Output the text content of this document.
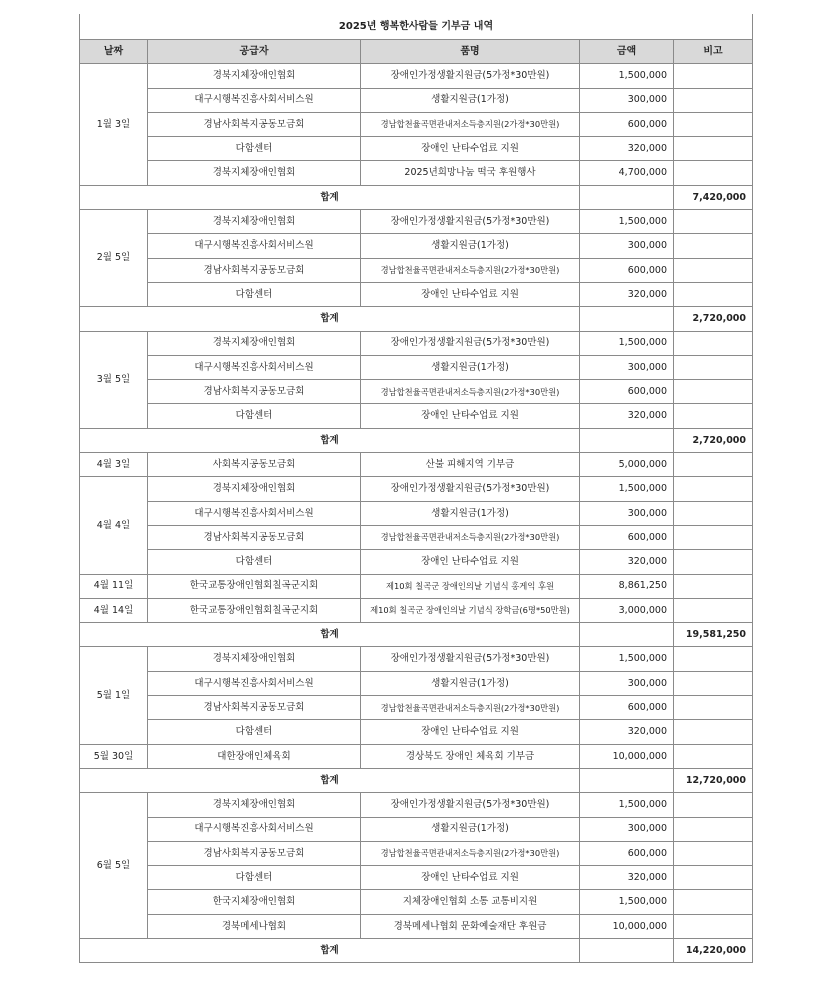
2025년 행복한사람들 기부금 내역				
날짜	공급자	품명	금액	비고
1월 3일	경북지체장애인협회	장애인가정생활지원금(5가정*30만원)	1,500,000	
	대구시행복진흥사회서비스원	생활지원금(1가정)	300,000	
	경남사회복지공동모금회	경남합천율곡면관내저소득층지원(2가정*30만원)	600,000	
	다함센터	장애인 난타수업료 지원	320,000	
	경북지체장애인협회	2025년희망나눔 떡국 후원행사	4,700,000	
합계				7,420,000
2월 5일	경북지체장애인협회	장애인가정생활지원금(5가정*30만원)	1,500,000	
	대구시행복진흥사회서비스원	생활지원금(1가정)	300,000	
	경남사회복지공동모금회	경남합천율곡면관내저소득층지원(2가정*30만원)	600,000	
	다함센터	장애인 난타수업료 지원	320,000	
합계				2,720,000
3월 5일	경북지체장애인협회	장애인가정생활지원금(5가정*30만원)	1,500,000	
	대구시행복진흥사회서비스원	생활지원금(1가정)	300,000	
	경남사회복지공동모금회	경남합천율곡면관내저소득층지원(2가정*30만원)	600,000	
	다함센터	장애인 난타수업료 지원	320,000	
합계				2,720,000
4월 3일	사회복지공동모금회	산불 피해지역 기부금	5,000,000	
4월 4일	경북지체장애인협회	장애인가정생활지원금(5가정*30만원)	1,500,000	
	대구시행복진흥사회서비스원	생활지원금(1가정)	300,000	
	경남사회복지공동모금회	경남합천율곡면관내저소득층지원(2가정*30만원)	600,000	
	다함센터	장애인 난타수업료 지원	320,000	
4월 11일	한국교통장애인협회칠곡군지회	제10회 칠곡군 장애인의날 기념식 홍게익 후원	8,861,250	
4월 14일	한국교통장애인협회칠곡군지회	제10회 칠곡군 장애인의날 기념식 장학금(6명*50만원)	3,000,000	
합계				19,581,250
5월 1일	경북지체장애인협회	장애인가정생활지원금(5가정*30만원)	1,500,000	
	대구시행복진흥사회서비스원	생활지원금(1가정)	300,000	
	경남사회복지공동모금회	경남합천율곡면관내저소득층지원(2가정*30만원)	600,000	
	다함센터	장애인 난타수업료 지원	320,000	
5월 30일	대한장애인체육회	경상북도 장애인 체육회 기부금	10,000,000	
합계				12,720,000
6월 5일	경북지체장애인협회	장애인가정생활지원금(5가정*30만원)	1,500,000	
	대구시행복진흥사회서비스원	생활지원금(1가정)	300,000	
	경남사회복지공동모금회	경남합천율곡면관내저소득층지원(2가정*30만원)	600,000	
	다함센터	장애인 난타수업료 지원	320,000	
	한국지체장애인협회	지체장애인협회 소통 교통비지원	1,500,000	
	경북메세나협회	경북메세나협회 문화예술재단 후원금	10,000,000	
합계				14,220,000
